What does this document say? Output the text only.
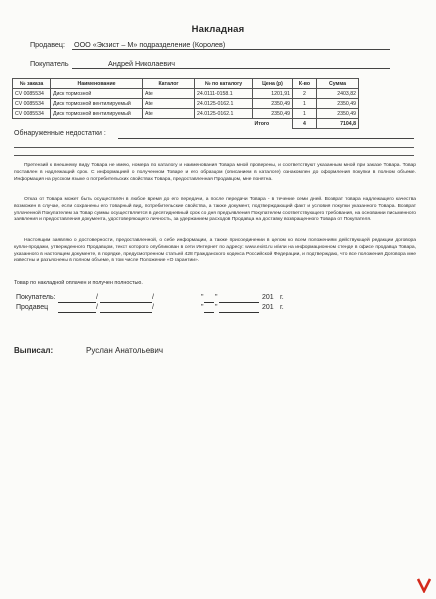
Накладная
Продавец: ООО «Экзист – М» подразделение (Королев)
Покупатель	Андрей Николаевич
№ заказа	Наименование	Каталог	№ по каталогу	Цена (р)	К-во	Сумма
CV 0085534	Диск тормозной	Ate	24.0111-0158.1	1201,91	2	2403,82
CV 0085534	Диск тормозной вентилируемый	Ate	24.0125-0162.1	2350,49	1	2350,49
CV 0085534	Диск тормозной вентилируемый	Ate	24.0125-0162.1	2350,49	1	2350,49
				Итого	4	7104,8
Обнаруженные недостатки :
Претензий к внешнему виду Товара не имею, номера по каталогу и наименования Товара мной проверены, и соответствуют указанным мной при заказе Товара. Товар поставлен в надлежащий срок. С информацией о полученном Товаре и его образцом (описанием в каталоге) ознакомлен до оформления покупки в полном объеме. Информация на русском языке о потребительских свойствах Товара, предоставленная Продавцом, мне понятна.
Отказ от Товара может быть осуществлён в любое время до его передачи, а после передачи Товара - в течение семи дней. Возврат товара надлежащего качества возможен в случае, если сохранены его товарный вид, потребительские свойства, а также документ, подтверждающий факт и условия покупки указанного Товара. Возврат уплаченной Покупателем за Товар суммы осуществляется в десятидневный срок со дня предъявления Покупателем соответствующего требования, на основании письменного заявления и предоставления документа, удостоверяющего личность, за удержанием расходов Продавца на доставку возвращенного Товара от Покупателя.
Настоящим заявляю о достоверности, предоставленной, о себе информации, а также присоединении в целом ко всем положениям действующей редакции договора купли-продажи, утвержденного Продавцом, текст которого опубликован в сети Интернет по адресу: www.exist.ru и/или на информационном стенде в офисе продавца Товара, указанного в настоящем документе, в порядке, предусмотренном статьей 428 Гражданского кодекса Российской Федерации, и подтверждаю, что все положения Договора мне известны и разъяснены в полном объеме, в том числе Положение «О гарантии».
Товар по накладной оплачен и получен полностью.
Покупатель:	/	/	" "	201 г.
Продавец	/	/	" "	201 г.
Выписал:	Руслан Анатольевич
